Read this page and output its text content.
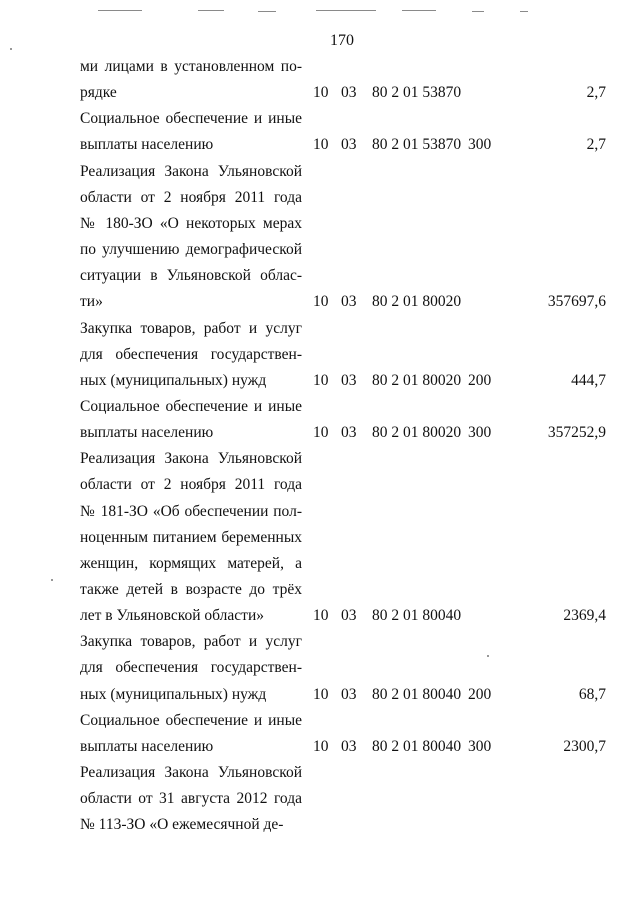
170
ми лицами в установленном по-
рядке	10 03 80 2 01 53870	2,7
Социальное обеспечение и иные
выплаты населению	10 03 80 2 01 53870 300	2,7
Реализация Закона Ульяновской
области от 2 ноября 2011 года
№ 180-ЗО «О некоторых мерах
по улучшению демографической
ситуации в Ульяновской облас-
ти»	10 03 80 2 01 80020	357697,6
Закупка товаров, работ и услуг
для обеспечения государствен-
ных (муниципальных) нужд	10 03 80 2 01 80020 200	444,7
Социальное обеспечение и иные
выплаты населению	10 03 80 2 01 80020 300	357252,9
Реализация Закона Ульяновской
области от 2 ноября 2011 года
№ 181-ЗО «Об обеспечении пол-
ноценным питанием беременных
женщин, кормящих матерей, а
также детей в возрасте до трёх
лет в Ульяновской области»	10 03 80 2 01 80040	2369,4
Закупка товаров, работ и услуг
для обеспечения государствен-
ных (муниципальных) нужд	10 03 80 2 01 80040 200	68,7
Социальное обеспечение и иные
выплаты населению	10 03 80 2 01 80040 300	2300,7
Реализация Закона Ульяновской
области от 31 августа 2012 года
№ 113-ЗО «О ежемесячной де-
